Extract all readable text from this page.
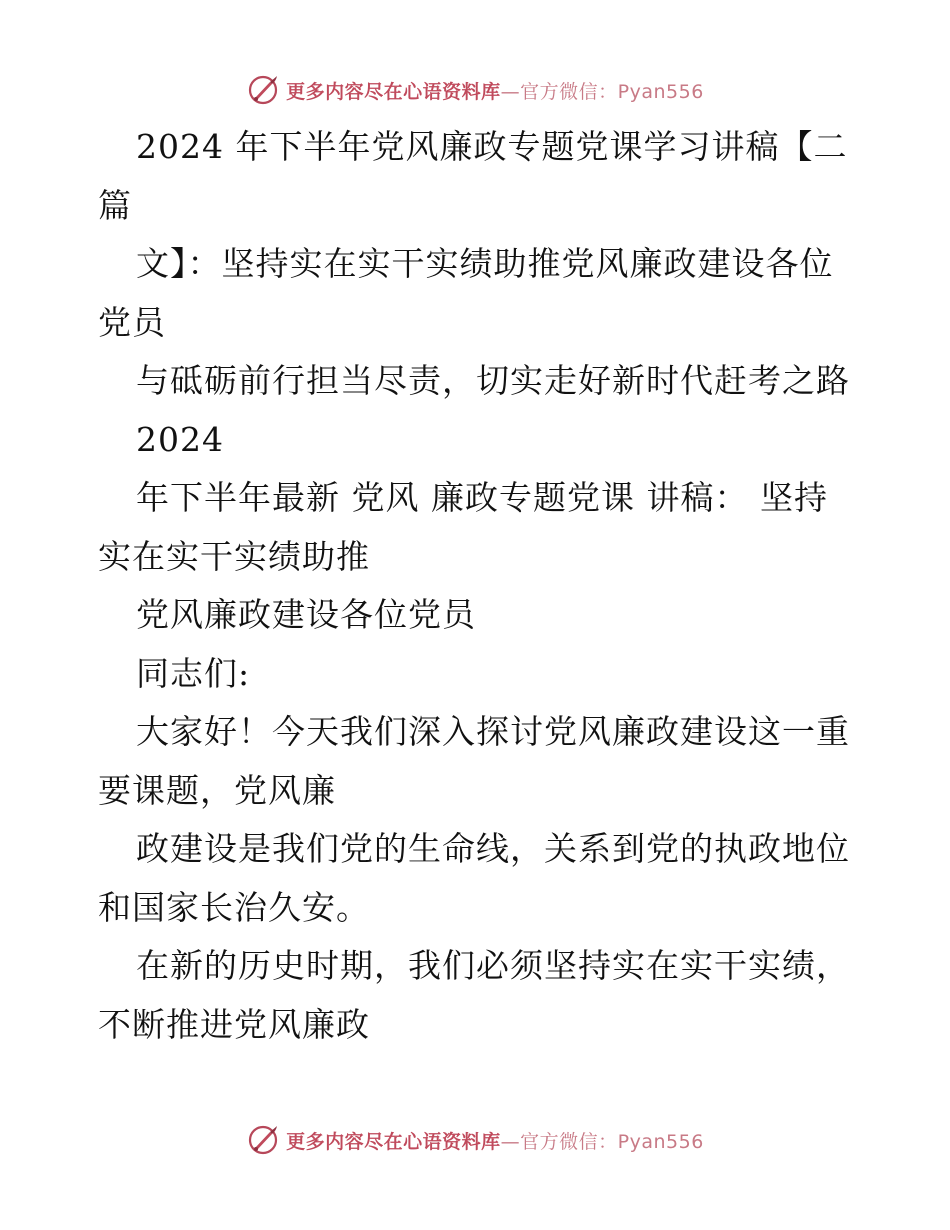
更多内容尽在心语资料库—官方微信：Pyan556
2024 年下半年党风廉政专题党课学习讲稿【二
篇
文】：坚持实在实干实绩助推党风廉政建设各位
党员
与砥砺前行担当尽责，切实走好新时代赶考之路
2024
年下半年最新 党风 廉政专题党课 讲稿： 坚持
实在实干实绩助推
党风廉政建设各位党员
同志们:
大家好！今天我们深入探讨党风廉政建设这一重
要课题，党风廉
政建设是我们党的生命线，关系到党的执政地位
和国家长治久安。
在新的历史时期，我们必须坚持实在实干实绩，
不断推进党风廉政
更多内容尽在心语资料库—官方微信：Pyan556
